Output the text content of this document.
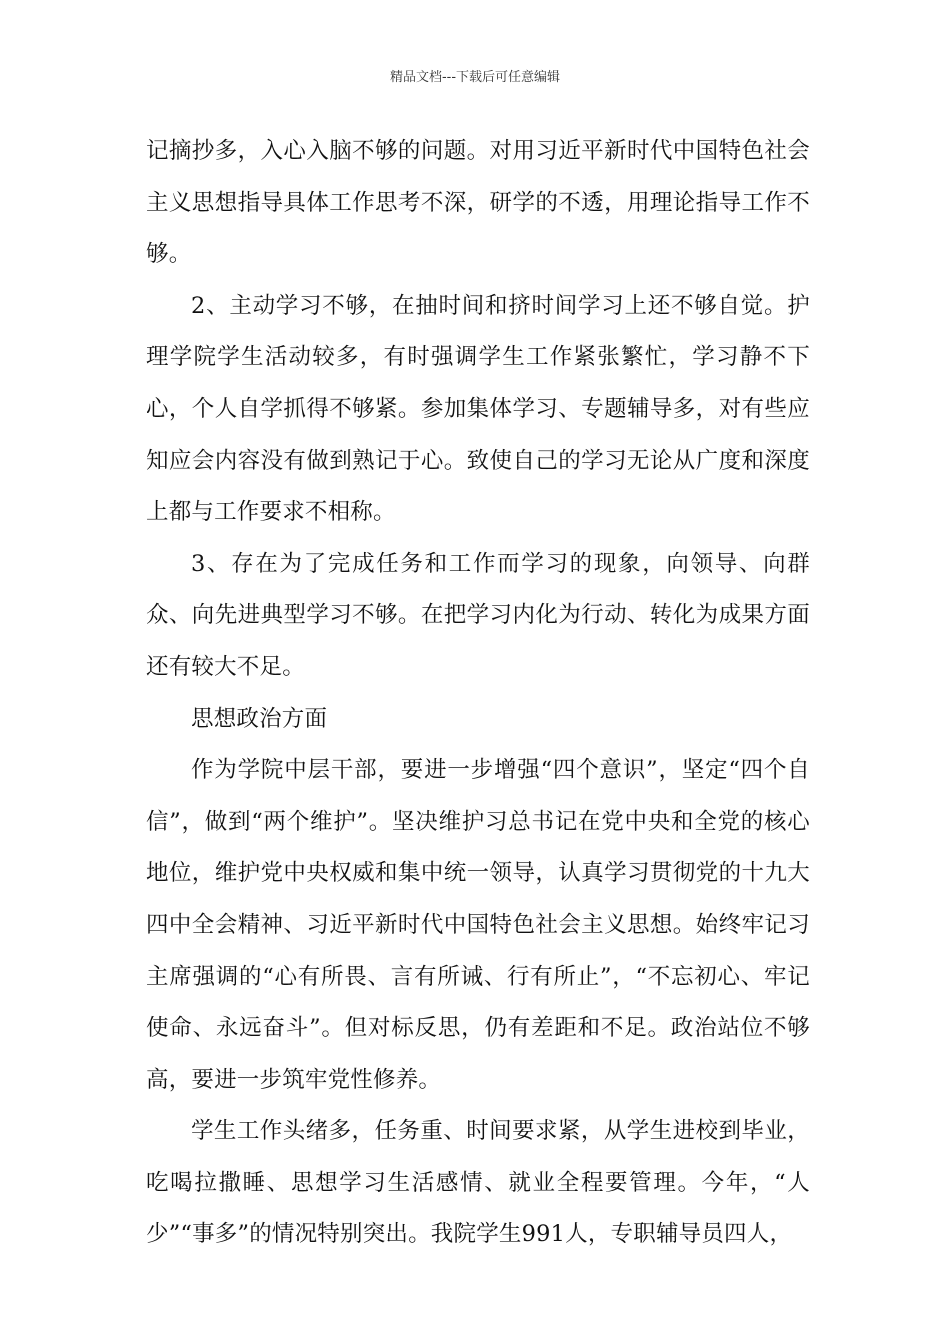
精品文档---下载后可任意编辑

记摘抄多，入心入脑不够的问题。对用习近平新时代中国特色社会主义思想指导具体工作思考不深，研学的不透，用理论指导工作不够。

2、主动学习不够，在抽时间和挤时间学习上还不够自觉。护理学院学生活动较多，有时强调学生工作紧张繁忙，学习静不下心，个人自学抓得不够紧。参加集体学习、专题辅导多，对有些应知应会内容没有做到熟记于心。致使自己的学习无论从广度和深度上都与工作要求不相称。

3、存在为了完成任务和工作而学习的现象，向领导、向群众、向先进典型学习不够。在把学习内化为行动、转化为成果方面还有较大不足。

思想政治方面

作为学院中层干部，要进一步增强“四个意识”，坚定“四个自信”，做到“两个维护”。坚决维护习总书记在党中央和全党的核心地位，维护党中央权威和集中统一领导，认真学习贯彻党的十九大四中全会精神、习近平新时代中国特色社会主义思想。始终牢记习主席强调的“心有所畏、言有所诫、行有所止”，“不忘初心、牢记使命、永远奋斗”。但对标反思，仍有差距和不足。政治站位不够高，要进一步筑牢党性修养。

学生工作头绪多，任务重、时间要求紧，从学生进校到毕业，吃喝拉撒睡、思想学习生活感情、就业全程要管理。今年，“人少”“事多”的情况特别突出。我院学生991人，专职辅导员四人，
